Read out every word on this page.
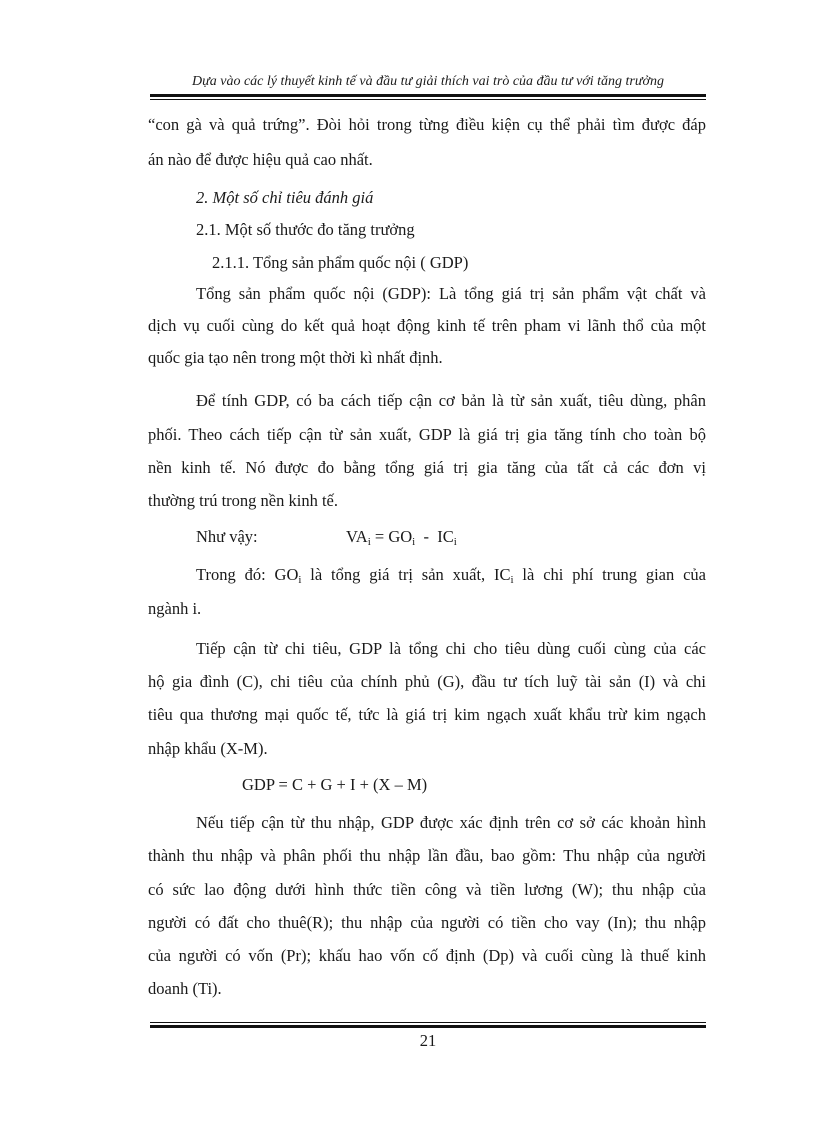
Dựa vào các lý thuyết kinh tế và đầu tư giải thích vai trò của đầu tư với tăng trưởng
“con gà và quả trứng”. Đòi hỏi trong từng điều kiện cụ thể phải tìm được đáp
án nào để được hiệu quả cao nhất.
2. Một số chỉ tiêu đánh giá
2.1. Một số thước đo tăng trưởng
2.1.1. Tổng sản phẩm quốc nội ( GDP)
Tổng sản phẩm quốc nội (GDP): Là tổng giá trị sản phẩm vật chất và
dịch vụ cuối cùng do kết quả hoạt động kinh tế trên pham vi lãnh thổ của một
quốc gia tạo nên trong một thời kì nhất định.
Để tính GDP, có ba cách tiếp cận cơ bản là từ sản xuất, tiêu dùng, phân
phối. Theo cách tiếp cận từ sản xuất, GDP là giá trị gia tăng tính cho toàn bộ
nền kinh tế. Nó được đo bằng tổng giá trị gia tăng của tất cả các đơn vị
thường trú trong nền kinh tế.
Như vậy:	$VA_i = GO_i - IC_i$
Trong đó: $GO_i$ là tổng giá trị sản xuất, $IC_i$ là chi phí trung gian của
ngành i.
Tiếp cận từ chi tiêu, GDP là tổng chi cho tiêu dùng cuối cùng của các
hộ gia đình (C), chi tiêu của chính phủ (G), đầu tư tích luỹ tài sản (I) và chi
tiêu qua thương mại quốc tế, tức là giá trị kim ngạch xuất khẩu trừ kim ngạch
nhập khẩu (X-M).
GDP = C + G + I + (X – M)
Nếu tiếp cận từ thu nhập, GDP được xác định trên cơ sở các khoản hình
thành thu nhập và phân phối thu nhập lần đầu, bao gồm: Thu nhập của người
có sức lao động dưới hình thức tiền công và tiền lương (W); thu nhập của
người có đất cho thuê(R); thu nhập của người có tiền cho vay (In); thu nhập
của người có vốn (Pr); khấu hao vốn cố định (Dp) và cuối cùng là thuế kinh
doanh (Ti).
21
